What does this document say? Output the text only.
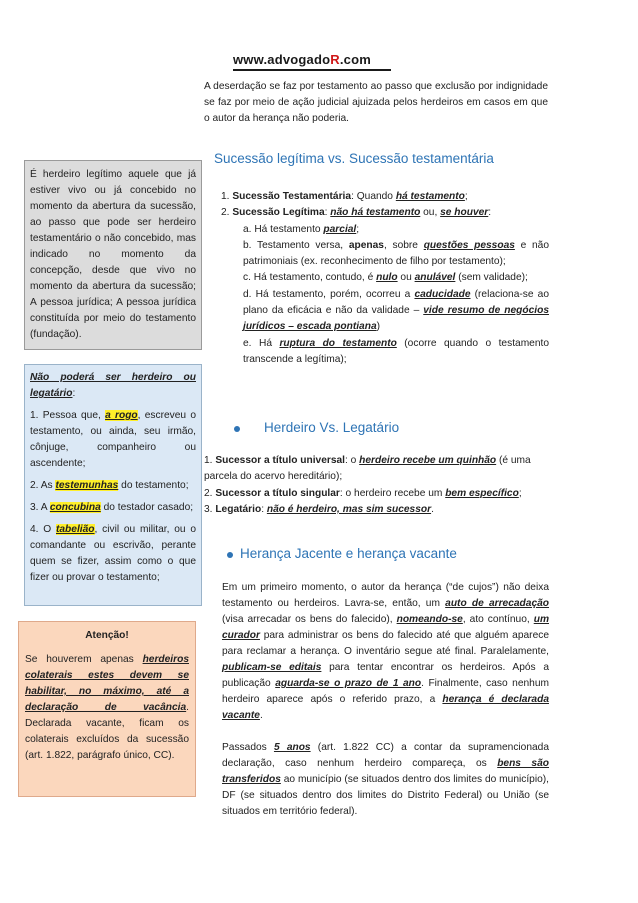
www.advogadoR.com
A deserdação se faz por testamento ao passo que exclusão por indignidade se faz por meio de ação judicial ajuizada pelos herdeiros em casos em que o autor da herança não poderia.
Sucessão legítima vs. Sucessão testamentária
1. Sucessão Testamentária: Quando há testamento;
2. Sucessão Legítima: não há testamento ou, se houver:
a. Há testamento parcial;
b. Testamento versa, apenas, sobre questões pessoas e não patrimoniais (ex. reconhecimento de filho por testamento);
c. Há testamento, contudo, é nulo ou anulável (sem validade);
d. Há testamento, porém, ocorreu a caducidade (relaciona-se ao plano da eficácia e não da validade – vide resumo de negócios jurídicos – escada pontiana)
e. Há ruptura do testamento (ocorre quando o testamento transcende a legítima);
Herdeiro Vs. Legatário
1. Sucessor a título universal: o herdeiro recebe um quinhão (é uma parcela do acervo hereditário);
2. Sucessor a título singular: o herdeiro recebe um bem específico;
3. Legatário: não é herdeiro, mas sim sucessor.
Herança Jacente e herança vacante
Em um primeiro momento, o autor da herança (“de cujos”) não deixa testamento ou herdeiros. Lavra-se, então, um auto de arrecadação (visa arrecadar os bens do falecido), nomeando-se, ato contínuo, um curador para administrar os bens do falecido até que alguém aparece para reclamar a herança. O inventário segue até final. Paralelamente, publicam-se editais para tentar encontrar os herdeiros. Após a publicação aguarda-se o prazo de 1 ano. Finalmente, caso nenhum herdeiro aparece após o referido prazo, a herança é declarada vacante.
Passados 5 anos (art. 1.822 CC) a contar da supramencionada declaração, caso nenhum herdeiro compareça, os bens são transferidos ao município (se situados dentro dos limites do município), DF (se situados dentro dos limites do Distrito Federal) ou União (se situados em território federal).
É herdeiro legítimo aquele que já estiver vivo ou já concebido no momento da abertura da sucessão, ao passo que pode ser herdeiro testamentário o não concebido, mas indicado no momento da concepção, desde que vivo no momento da abertura da sucessão; A pessoa jurídica; A pessoa jurídica constituída por meio do testamento (fundação).

Não poderá ser herdeiro ou legatário:

1. Pessoa que, a rogo, escreveu o testamento, ou ainda, seu irmão, cônjuge, companheiro ou ascendente;

2. As testemunhas do testamento;

3. A concubina do testador casado;

4. O tabelião, civil ou militar, ou o comandante ou escrivão, perante quem se fizer, assim como o que fizer ou provar o testamento;

Atenção!
Se houverem apenas herdeiros colaterais estes devem se habilitar, no máximo, até a declaração de vacância. Declarada vacante, ficam os colaterais excluídos da sucessão (art. 1.822, parágrafo único, CC).
